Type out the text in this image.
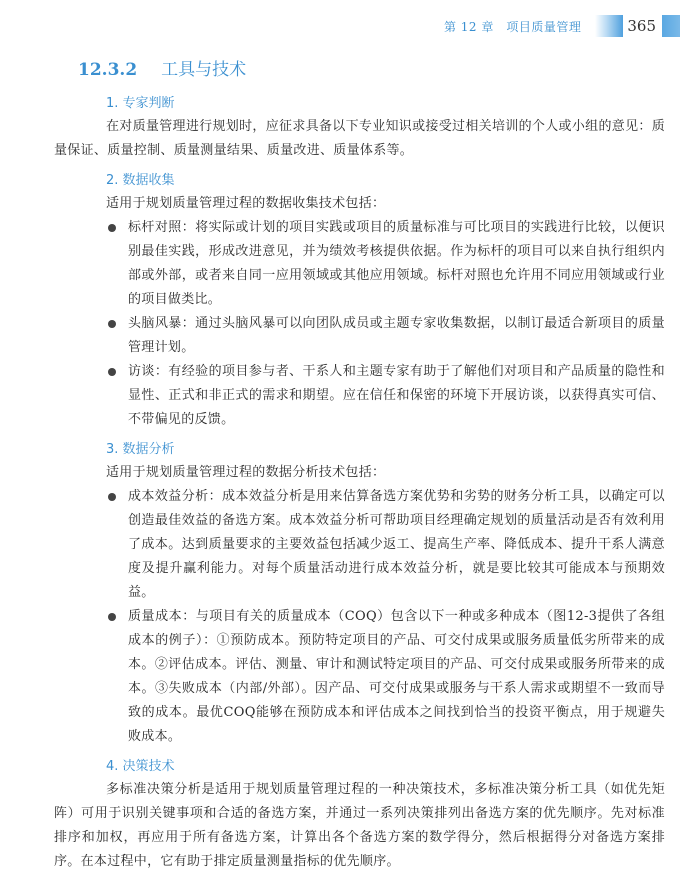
第 12 章　项目质量管理	365
12.3.2 工具与技术
1. 专家判断

在对质量管理进行规划时，应征求具备以下专业知识或接受过相关培训的个人或小组的意见：质量保证、质量控制、质量测量结果、质量改进、质量体系等。

2. 数据收集

适用于规划质量管理过程的数据收集技术包括：

标杆对照：将实际或计划的项目实践或项目的质量标准与可比项目的实践进行比较，以便识别最佳实践，形成改进意见，并为绩效考核提供依据。作为标杆的项目可以来自执行组织内部或外部，或者来自同一应用领域或其他应用领域。标杆对照也允许用不同应用领域或行业的项目做类比。
头脑风暴：通过头脑风暴可以向团队成员或主题专家收集数据，以制订最适合新项目的质量管理计划。
访谈：有经验的项目参与者、干系人和主题专家有助于了解他们对项目和产品质量的隐性和显性、正式和非正式的需求和期望。应在信任和保密的环境下开展访谈，以获得真实可信、不带偏见的反馈。
3. 数据分析

适用于规划质量管理过程的数据分析技术包括：

成本效益分析：成本效益分析是用来估算备选方案优势和劣势的财务分析工具，以确定可以创造最佳效益的备选方案。成本效益分析可帮助项目经理确定规划的质量活动是否有效利用了成本。达到质量要求的主要效益包括减少返工、提高生产率、降低成本、提升干系人满意度及提升赢利能力。对每个质量活动进行成本效益分析，就是要比较其可能成本与预期效益。
质量成本：与项目有关的质量成本（COQ）包含以下一种或多种成本（图12-3提供了各组成本的例子）：①预防成本。预防特定项目的产品、可交付成果或服务质量低劣所带来的成本。②评估成本。评估、测量、审计和测试特定项目的产品、可交付成果或服务所带来的成本。③失败成本（内部/外部）。因产品、可交付成果或服务与干系人需求或期望不一致而导致的成本。最优COQ能够在预防成本和评估成本之间找到恰当的投资平衡点，用于规避失败成本。
4. 决策技术

多标准决策分析是适用于规划质量管理过程的一种决策技术，多标准决策分析工具（如优先矩阵）可用于识别关键事项和合适的备选方案，并通过一系列决策排列出备选方案的优先顺序。先对标准排序和加权，再应用于所有备选方案，计算出各个备选方案的数学得分，然后根据得分对备选方案排序。在本过程中，它有助于排定质量测量指标的优先顺序。
